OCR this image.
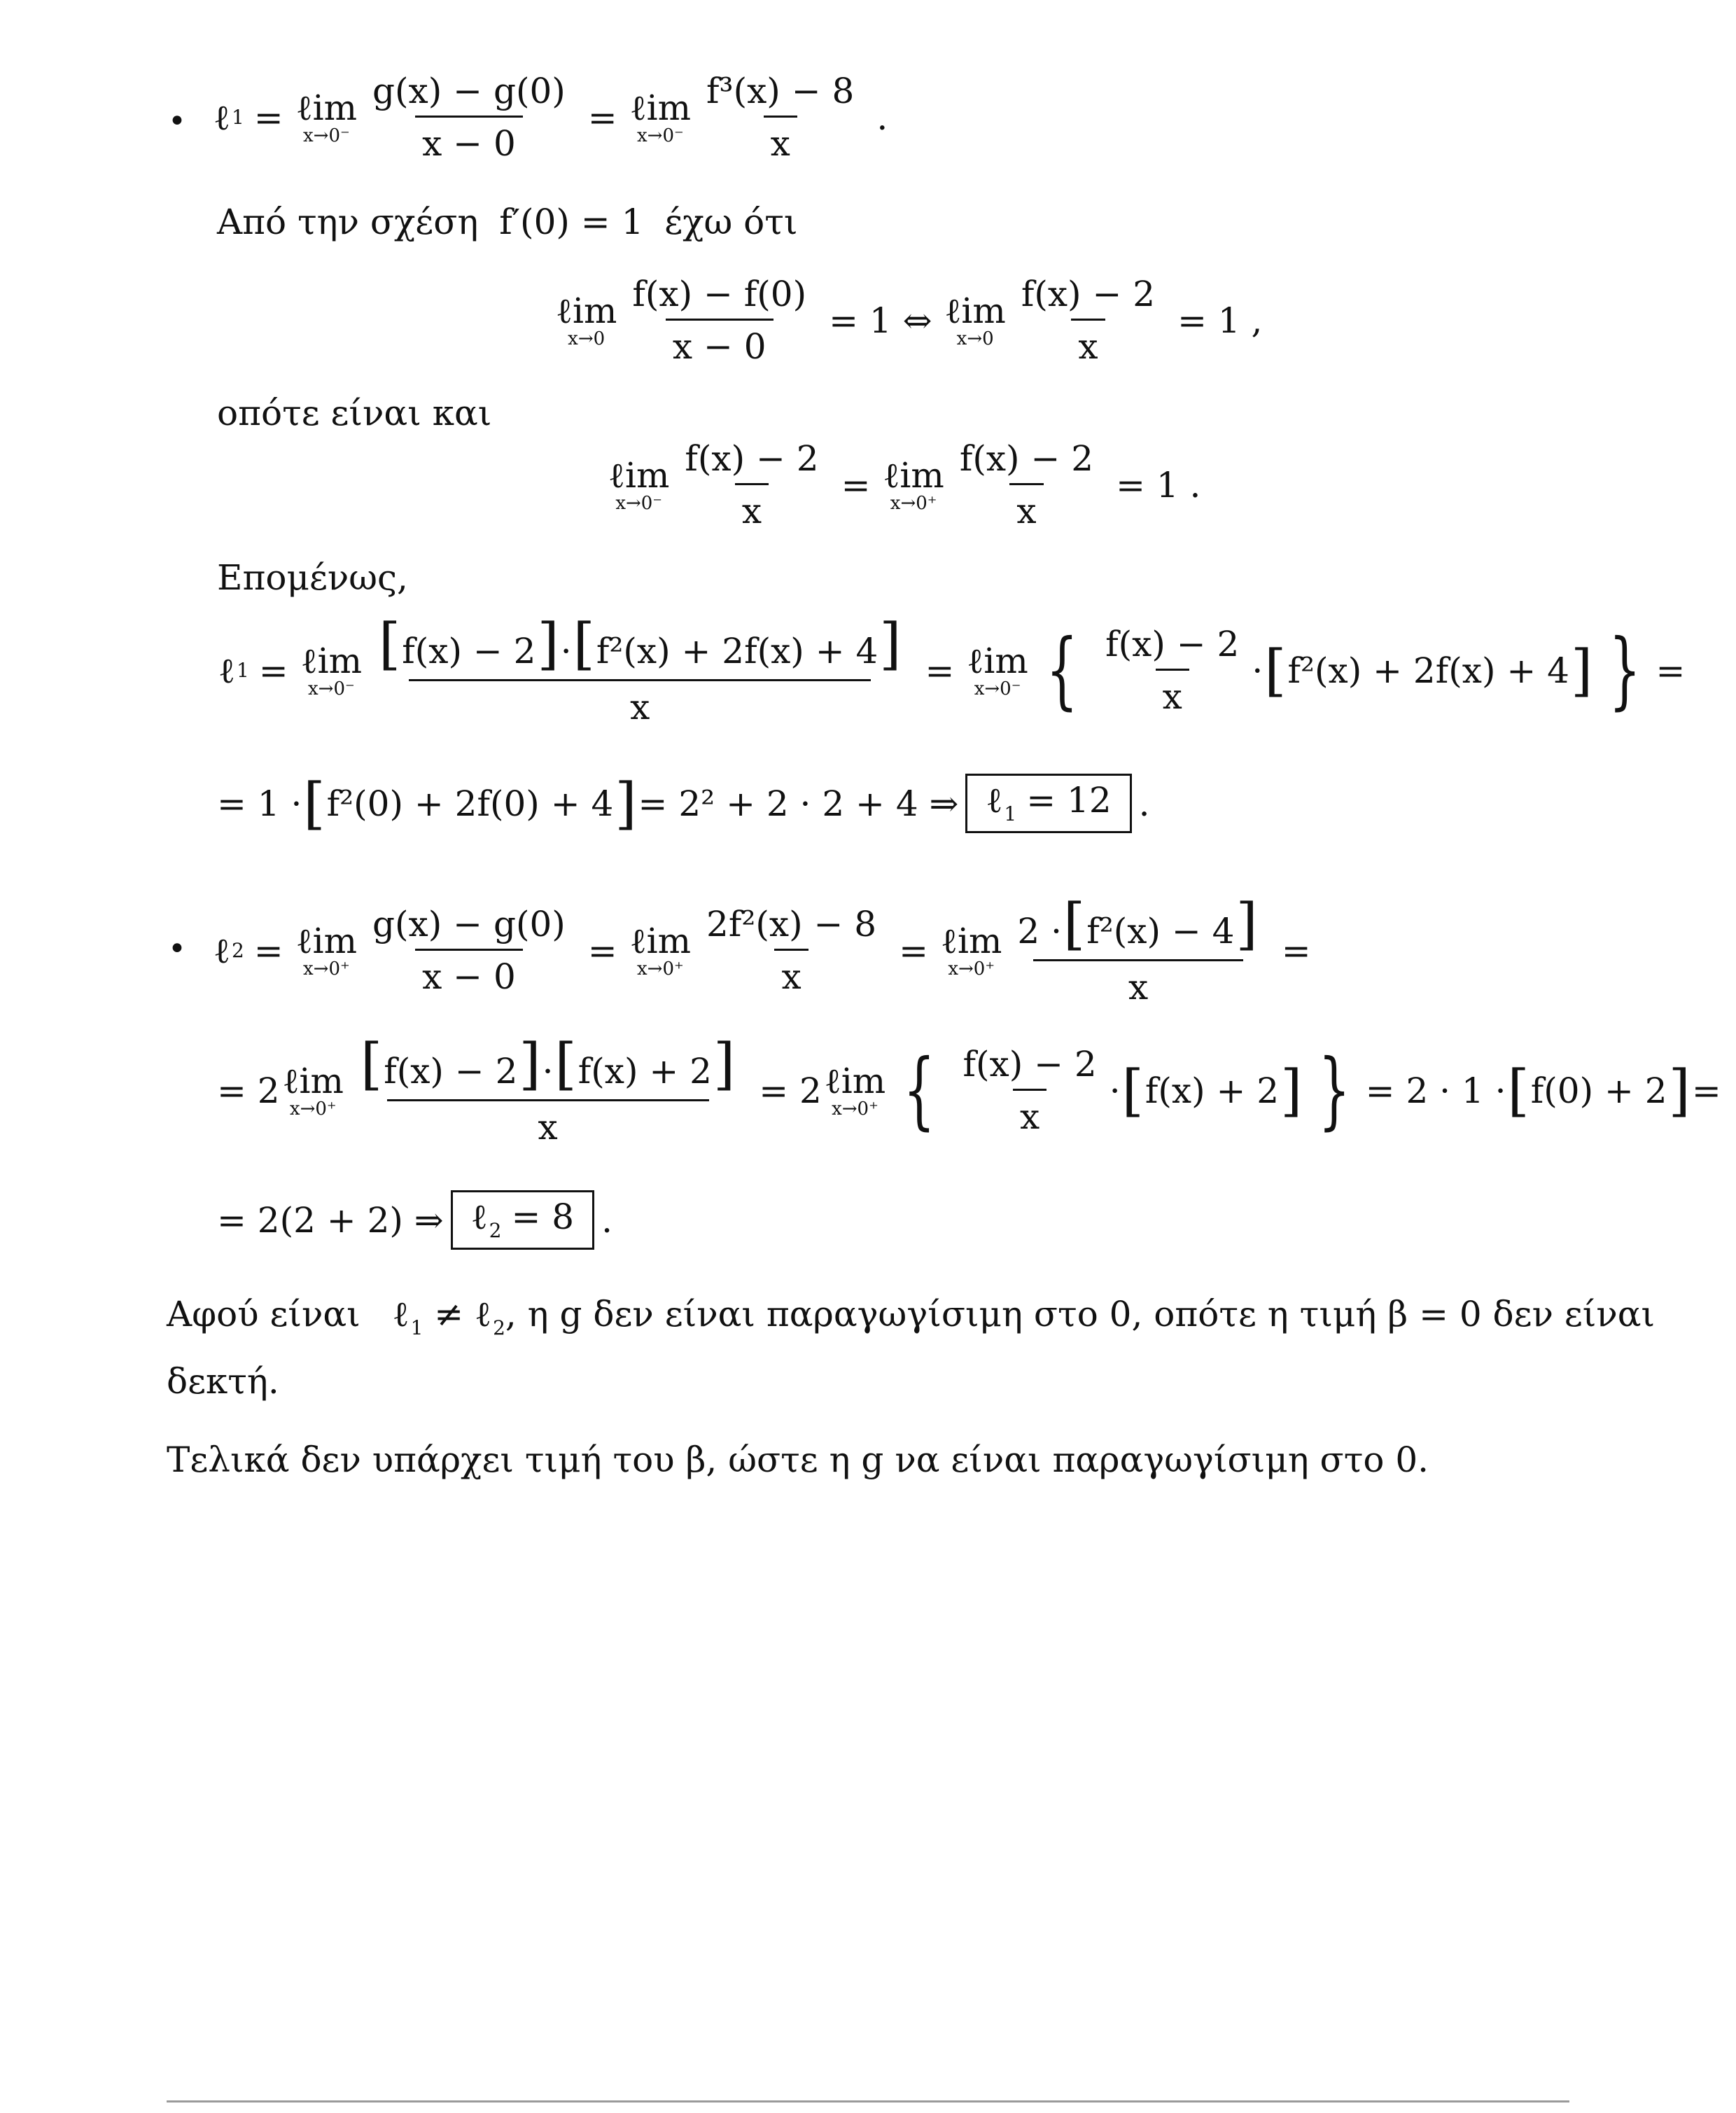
• ℓ 1 = ℓim
$x\to 0^- \frac{g(x) - g(0)}{x - 0}$ = ℓim
$x\to 0^- \frac{\text{f³(x) − 8}}{x}$ .
Από την σχέση f′(0) = 1 έχω ότι
ℓim
$x\to 0 \frac{f(x) - f(0)}{x - 0} = 1$ ⇔ ℓim
$x\to 0 \frac{f(x) - 2}{x} = 1$ ,
οπότε είναι και
ℓim
$x\to 0^- \frac{f(x) - 2}{x}$ = ℓim
$x\to 0^+ \frac{f(x) - 2}{x} = 1$ .
Επομένως,
ℓ 1 = ℓim
$x\to 0^- \frac{\text{[f(x) − 2]·[f²(x) + 2f(x) + 4]}}{x}$ = ℓim
x→0⁻ { $\frac{f(x) - 2}{x}$ · [ f²(x) + 2f(x) + 4 ] } =
= 1 · [ f²(0) + 2f(0) + 4 ] = 2² + 2 · 2 + 4 ⇒ ℓ$_1$ = 12 .
• ℓ 2 = ℓim
$x\to 0^+ \frac{g(x) - g(0)}{x - 0}$ = ℓim
$x\to 0^+ \frac{\text{2f²(x) − 8}}{x}$ = ℓim
$x\to 0^+ \frac{\text{2 ·[f²(x) − 4]}}{x}$ =
= 2 ℓim
$x\to 0^+ \frac{[f(x) - 2]\cdot[f(x) + 2]}{x} = 2$ ℓim
x→0⁺ { $\frac{f(x) - 2}{x}$ · [ f(x) + 2 ] } = 2 · 1 · [ f(0) + 2 ] =
= 2(2 + 2) ⇒ ℓ$_2$ = 8 .
Αφού είναι ℓ$_1$ ≠ ℓ$_2$, η g δεν είναι παραγωγίσιμη στο 0, οπότε η τιμή β = 0 δεν είναι
δεκτή.
Τελικά δεν υπάρχει τιμή του β, ώστε η g να είναι παραγωγίσιμη στο 0.
